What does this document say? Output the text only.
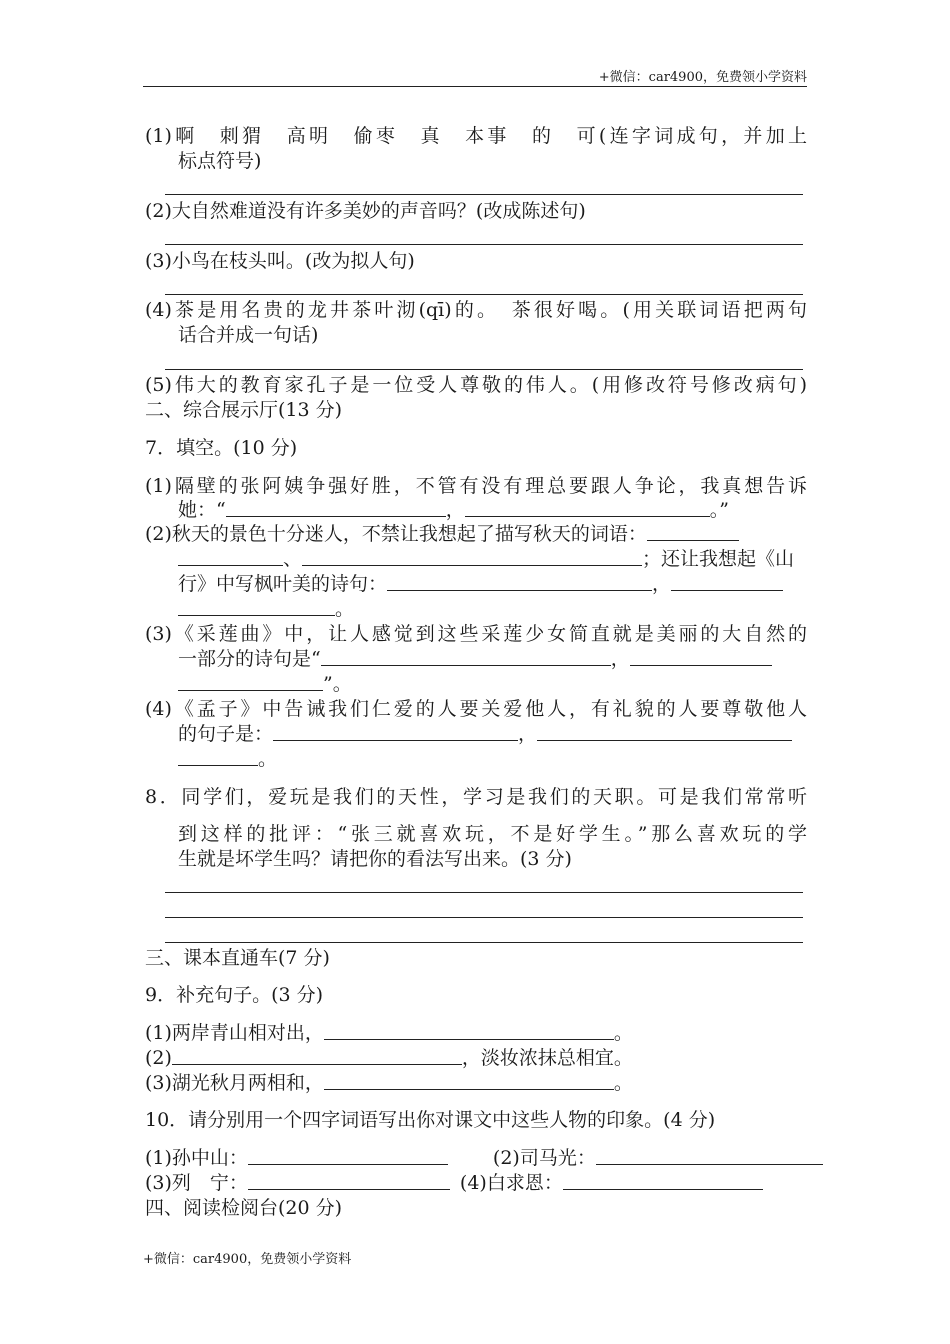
+微信：car4900，免费领小学资料
(1)啊　刺猬　高明　偷枣　真　本事　的　可(连字词成句，并加上
标点符号)
(2)大自然难道没有许多美妙的声音吗？(改成陈述句)
(3)小鸟在枝头叫。(改为拟人句)
(4)茶是用名贵的龙井茶叶沏(qī)的。　茶很好喝。(用关联词语把两句
话合并成一句话)
(5)伟大的教育家孔子是一位受人尊敬的伟人。(用修改符号修改病句)
二、综合展示厅(13 分)
7．填空。(10 分)
(1)隔壁的张阿姨争强好胜，不管有没有理总要跟人争论，我真想告诉
她：“	，	。”
(2)秋天的景色十分迷人，不禁让我想起了描写秋天的词语：
、	；还让我想起《山
行》中写枫叶美的诗句：	，
。
(3)《采莲曲》中，让人感觉到这些采莲少女简直就是美丽的大自然的
一部分的诗句是“	，
”。
(4)《孟子》中告诫我们仁爱的人要关爱他人，有礼貌的人要尊敬他人
的句子是：	，
。
8．同学们，爱玩是我们的天性，学习是我们的天职。可是我们常常听
到这样的批评：“张三就喜欢玩，不是好学生。”那么喜欢玩的学
生就是坏学生吗？请把你的看法写出来。(3 分)
三、课本直通车(7 分)
9．补充句子。(3 分)
(1)两岸青山相对出，	。
(2)	，淡妆浓抹总相宜。
(3)湖光秋月两相和，	。
10．请分别用一个四字词语写出你对课文中这些人物的印象。(4 分)
(1)孙中山：	(2)司马光：
(3)列　宁：	(4)白求恩：
四、阅读检阅台(20 分)
+微信：car4900，免费领小学资料
